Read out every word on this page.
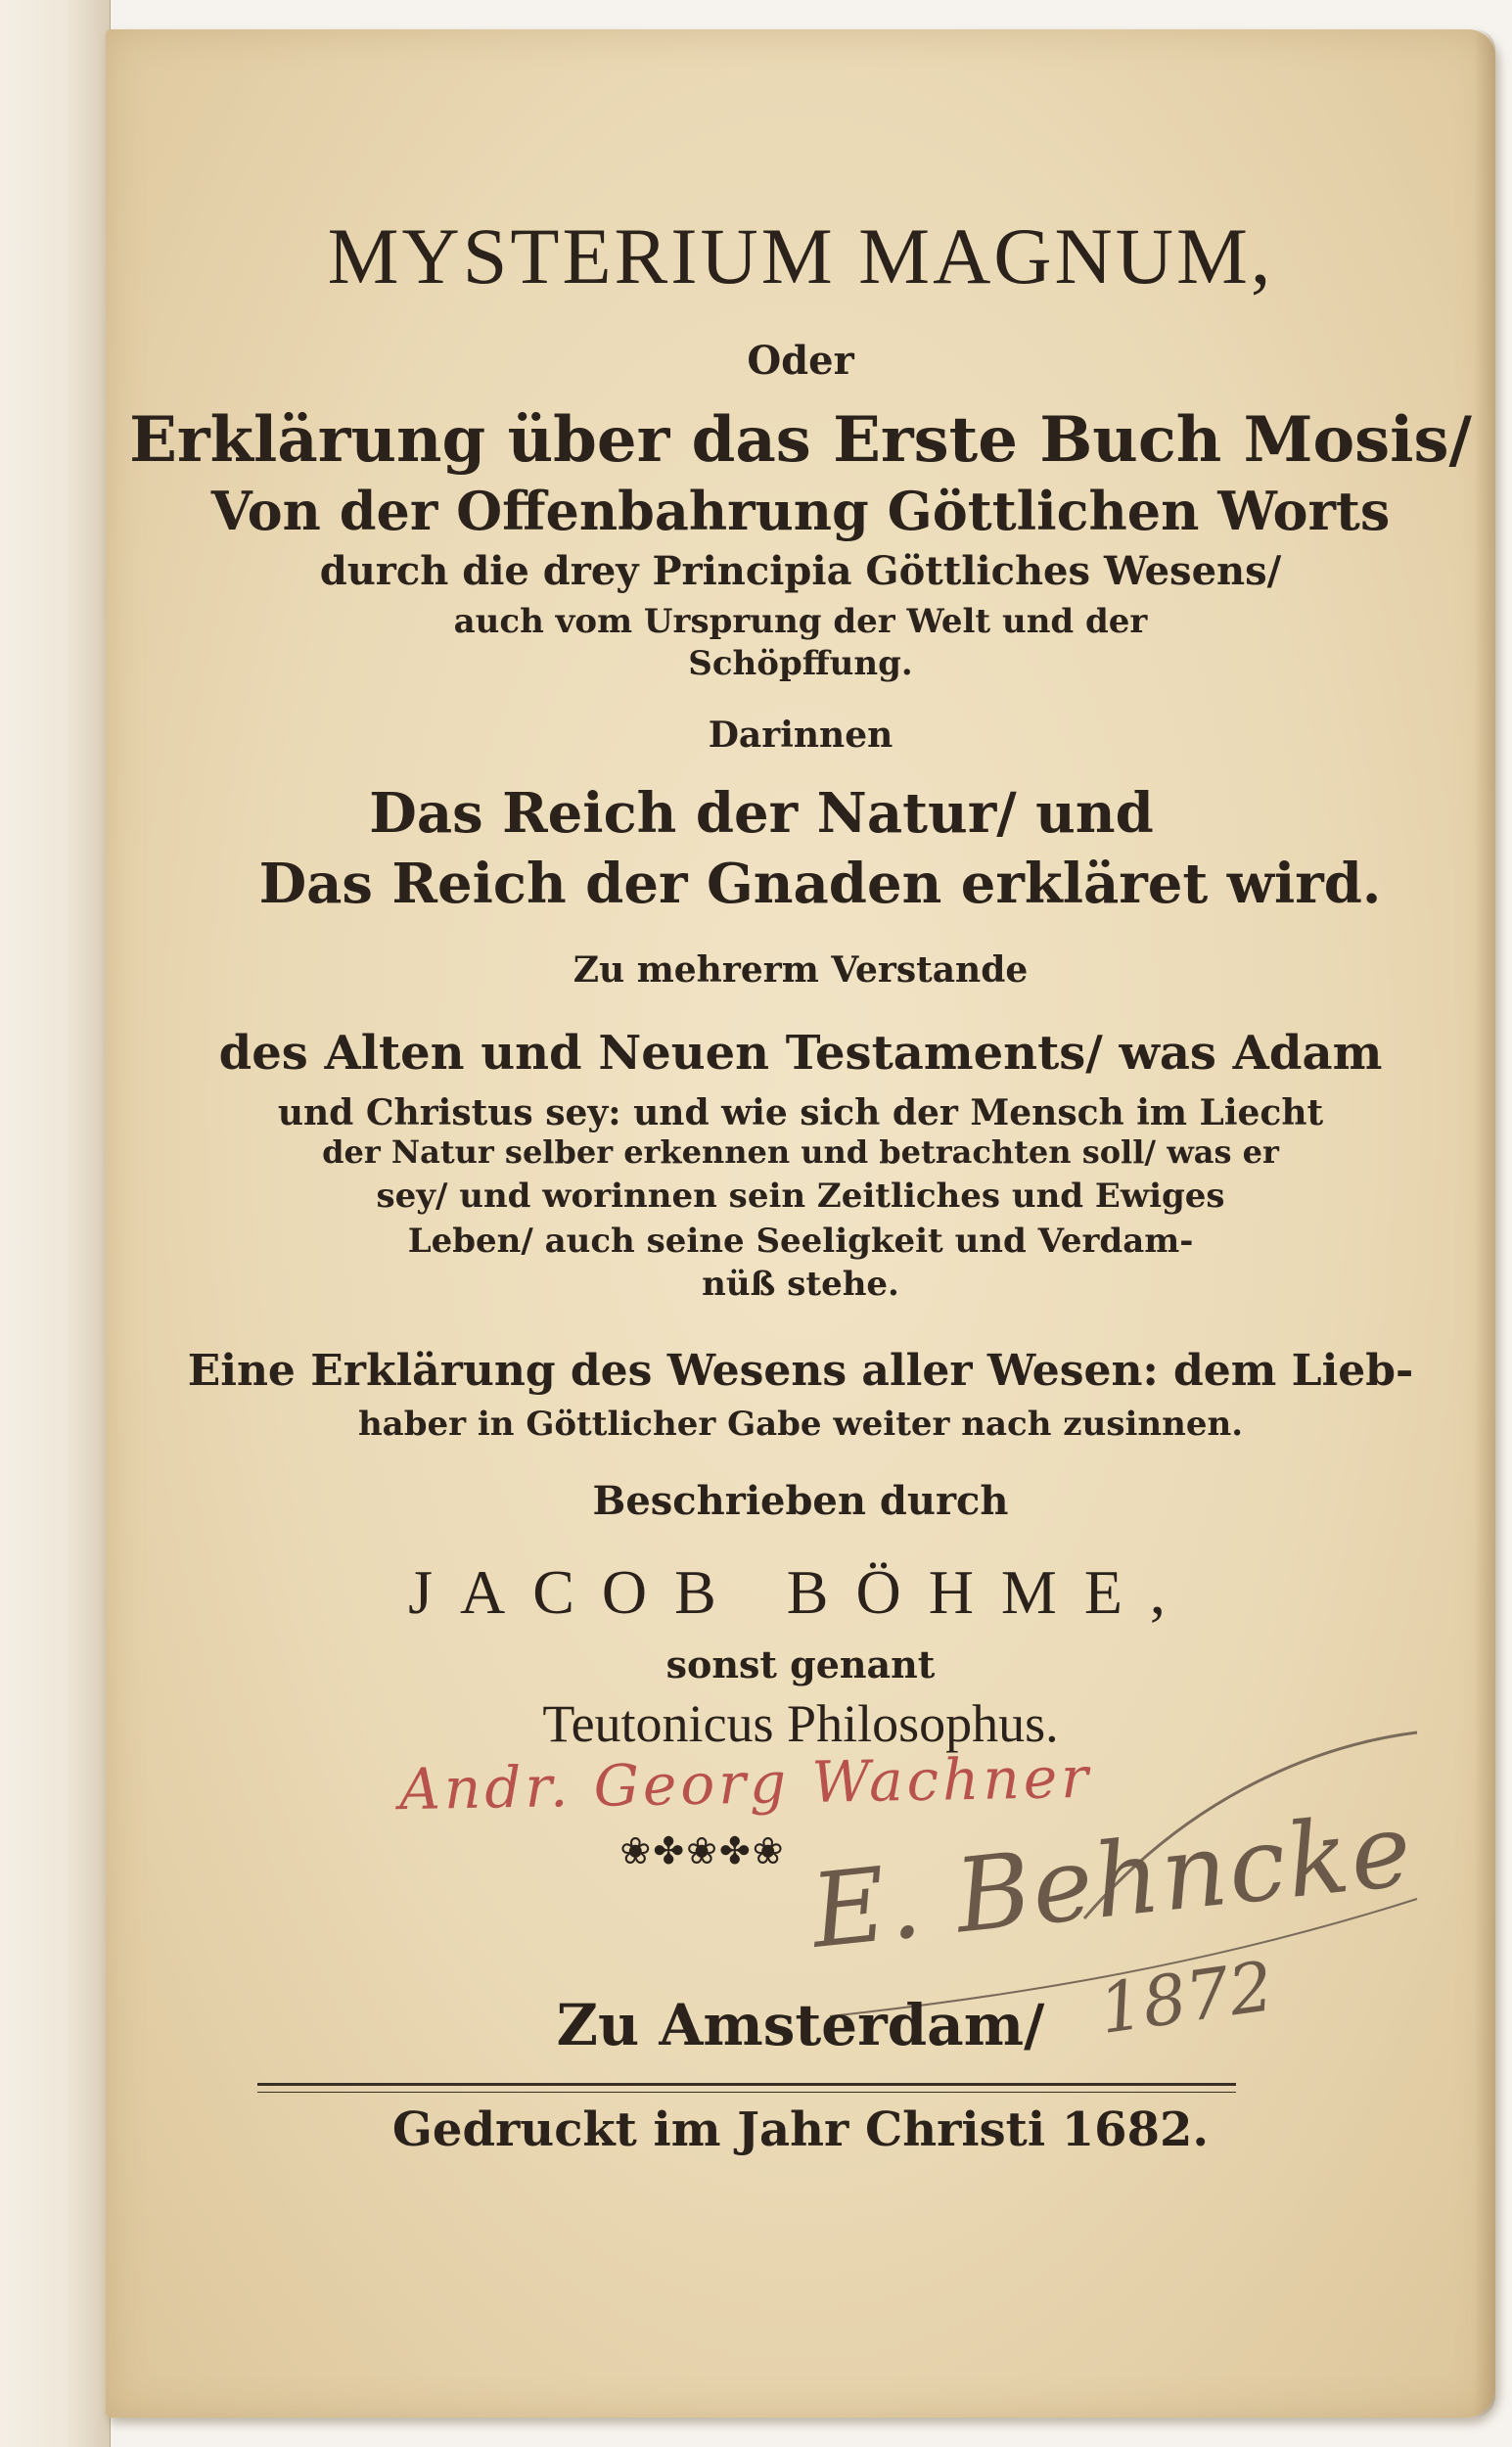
MYSTERIUM MAGNUM,
Oder
Erklärung über das Erste Buch Mosis/
Von der Offenbahrung Göttlichen Worts
durch die drey Principia Göttliches Wesens/
auch vom Ursprung der Welt und der
Schöpffung.
Darinnen
Das Reich der Natur/ und
Das Reich der Gnaden erkläret wird.
Zu mehrerm Verstande
des Alten und Neuen Testaments/ was Adam
und Christus sey: und wie sich der Mensch im Liecht
der Natur selber erkennen und betrachten soll/ was er
sey/ und worinnen sein Zeitliches und Ewiges
Leben/ auch seine Seeligkeit und Verdam-
nüß stehe.
Eine Erklärung des Wesens aller Wesen: dem Lieb-
haber in Göttlicher Gabe weiter nach zusinnen.
Beschrieben durch
JACOB BÖHME,
sonst genant
Teutonicus Philosophus.
Andr. Georg Wachner
❀✤❀✤❀ E. Behncke
1872
Zu Amsterdam/
Gedruckt im Jahr Christi 1682.
